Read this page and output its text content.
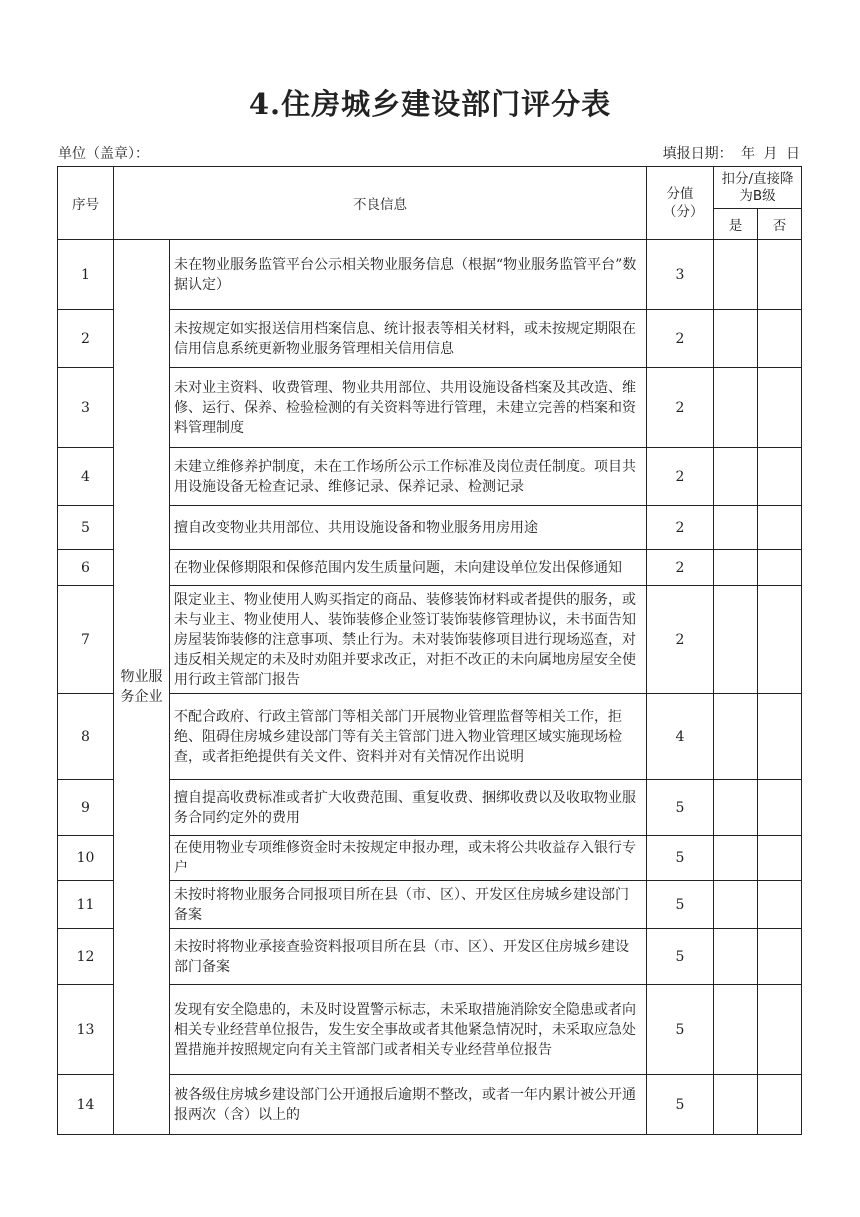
4.住房城乡建设部门评分表
单位（盖章）：	填报日期： 年 月 日
序号	不良信息		分值（分）	扣分/直接降为B级	
				是	否
1	物业服务企业	未在物业服务监管平台公示相关物业服务信息（根据“物业服务监管平台”数据认定）	3		
2		未按规定如实报送信用档案信息、统计报表等相关材料，或未按规定期限在信用信息系统更新物业服务管理相关信用信息	2		
3		未对业主资料、收费管理、物业共用部位、共用设施设备档案及其改造、维修、运行、保养、检验检测的有关资料等进行管理，未建立完善的档案和资料管理制度	2		
4		未建立维修养护制度，未在工作场所公示工作标准及岗位责任制度。项目共用设施设备无检查记录、维修记录、保养记录、检测记录	2		
5		擅自改变物业共用部位、共用设施设备和物业服务用房用途	2		
6		在物业保修期限和保修范围内发生质量问题，未向建设单位发出保修通知	2		
7		限定业主、物业使用人购买指定的商品、装修装饰材料或者提供的服务，或未与业主、物业使用人、装饰装修企业签订装饰装修管理协议，未书面告知房屋装饰装修的注意事项、禁止行为。未对装饰装修项目进行现场巡查，对违反相关规定的未及时劝阻并要求改正，对拒不改正的未向属地房屋安全使用行政主管部门报告	2		
8		不配合政府、行政主管部门等相关部门开展物业管理监督等相关工作，拒绝、阻碍住房城乡建设部门等有关主管部门进入物业管理区域实施现场检查，或者拒绝提供有关文件、资料并对有关情况作出说明	4		
9		擅自提高收费标准或者扩大收费范围、重复收费、捆绑收费以及收取物业服务合同约定外的费用	5		
10		在使用物业专项维修资金时未按规定申报办理，或未将公共收益存入银行专户	5		
11		未按时将物业服务合同报项目所在县（市、区）、开发区住房城乡建设部门备案	5		
12		未按时将物业承接查验资料报项目所在县（市、区）、开发区住房城乡建设部门备案	5		
13		发现有安全隐患的，未及时设置警示标志，未采取措施消除安全隐患或者向相关专业经营单位报告，发生安全事故或者其他紧急情况时，未采取应急处置措施并按照规定向有关主管部门或者相关专业经营单位报告	5		
14		被各级住房城乡建设部门公开通报后逾期不整改，或者一年内累计被公开通报两次（含）以上的	5		
